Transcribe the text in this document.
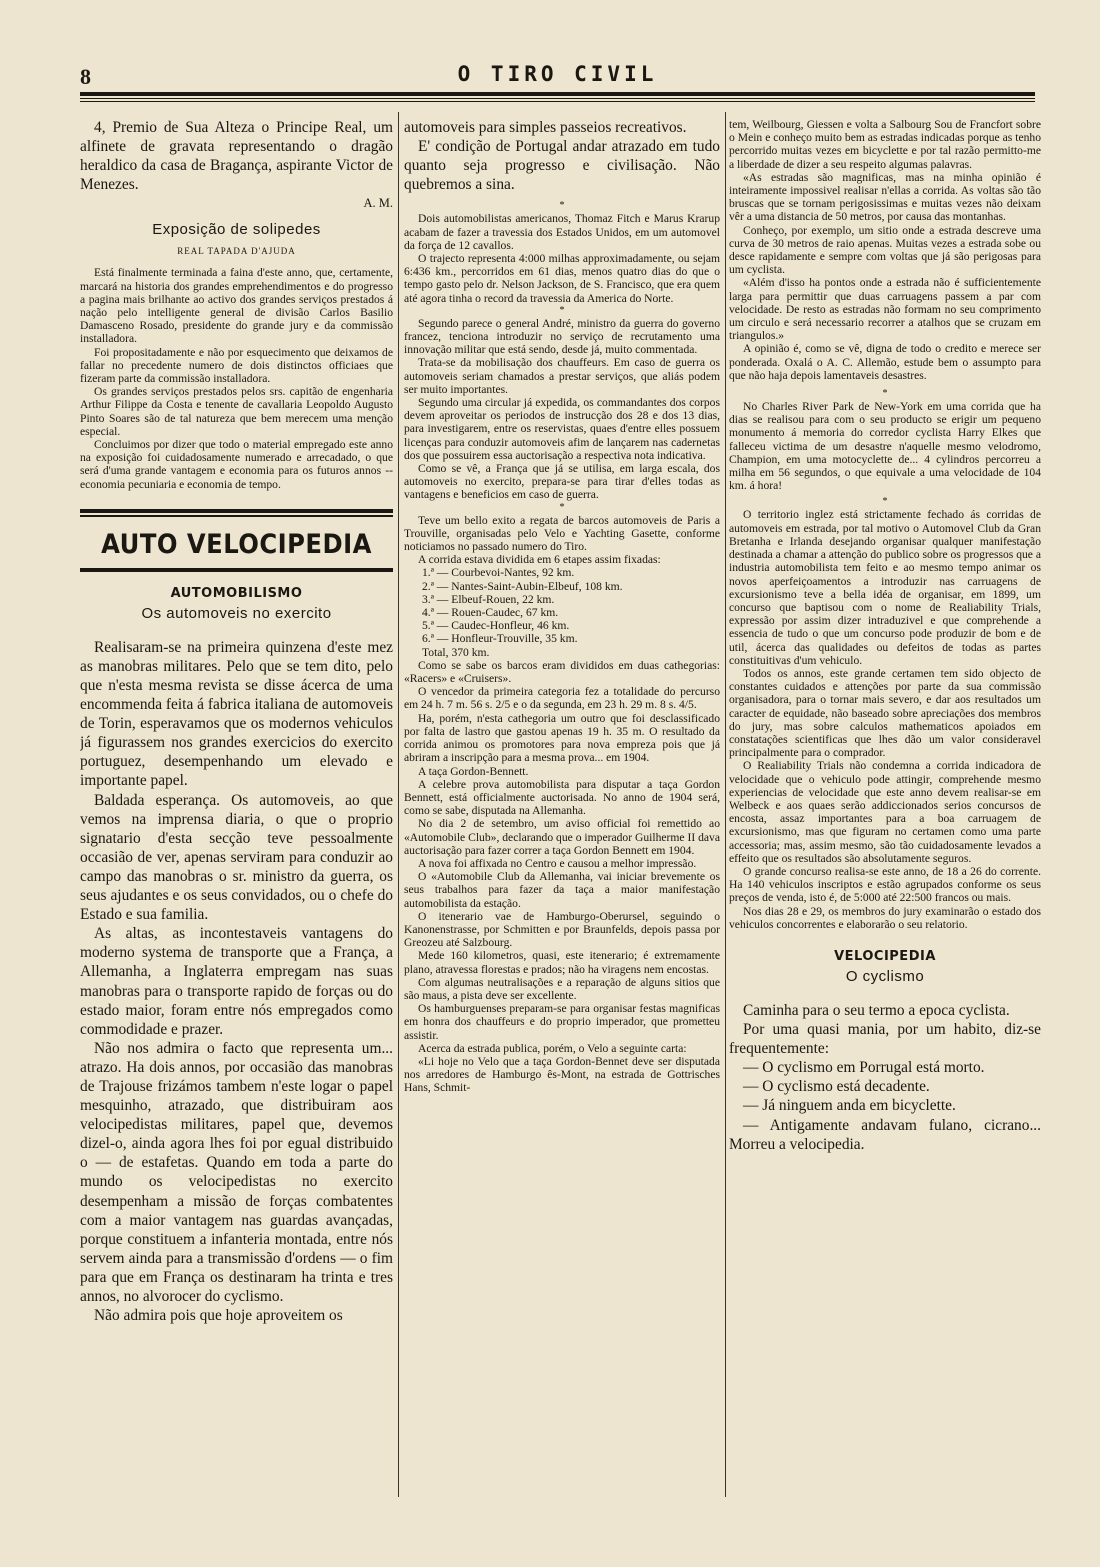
8	O TIRO CIVIL

4, Premio de Sua Alteza o Principe Real, um alfinete de gravata representando o dragão heraldico da casa de Bragança, aspirante Victor de Menezes.

A. M.
Exposição de solipedes
REAL TAPADA D'AJUDA

Está finalmente terminada a faina d'este anno, que, certamente, marcará na historia dos grandes emprehendimentos e do progresso a pagina mais brilhante ao activo dos grandes serviços prestados á nação pelo intelligente general de divisão Carlos Basilio Damasceno Rosado, presidente do grande jury e da commissão installadora.

Foi propositadamente e não por esquecimento que deixamos de fallar no precedente numero de dois distinctos officiaes que fizeram parte da commissão installadora.

Os grandes serviços prestados pelos srs. capitão de engenharia Arthur Filippe da Costa e tenente de cavallaria Leopoldo Augusto Pinto Soares são de tal natureza que bem merecem uma menção especial.

Concluimos por dizer que todo o material empregado este anno na exposição foi cuidadosamente numerado e arrecadado, o que será d'uma grande vantagem e economia para os futuros annos -- economia pecuniaria e economia de tempo.

AUTO VELOCIPEDIA
AUTOMOBILISMO
Os automoveis no exercito

Realisaram-se na primeira quinzena d'este mez as manobras militares. Pelo que se tem dito, pelo que n'esta mesma revista se disse ácerca de uma encommenda feita á fabrica italiana de automoveis de Torin, esperavamos que os modernos vehiculos já figurassem nos grandes exercicios do exercito portuguez, desempenhando um elevado e importante papel.

Baldada esperança. Os automoveis, ao que vemos na imprensa diaria, o que o proprio signatario d'esta secção teve pessoalmente occasião de ver, apenas serviram para conduzir ao campo das manobras o sr. ministro da guerra, os seus ajudantes e os seus convidados, ou o chefe do Estado e sua familia.

As altas, as incontestaveis vantagens do moderno systema de transporte que a França, a Allemanha, a Inglaterra empregam nas suas manobras para o transporte rapido de forças ou do estado maior, foram entre nós empregados como commodidade e prazer.

Não nos admira o facto que representa um... atrazo. Ha dois annos, por occasião das manobras de Trajouse frizámos tambem n'este logar o papel mesquinho, atrazado, que distribuiram aos velocipedistas militares, papel que, devemos dizel-o, ainda agora lhes foi por egual distribuido o — de estafetas. Quando em toda a parte do mundo os velocipedistas no exercito desempenham a missão de forças combatentes com a maior vantagem nas guardas avançadas, porque constituem a infanteria montada, entre nós servem ainda para a transmissão d'ordens — o fim para que em França os destinaram ha trinta e tres annos, no alvorocer do cyclismo.

Não admira pois que hoje aproveitem os

automoveis para simples passeios recreativos.

E' condição de Portugal andar atrazado em tudo quanto seja progresso e civilisação. Não quebremos a sina.

*

Dois automobilistas americanos, Thomaz Fitch e Marus Krarup acabam de fazer a travessia dos Estados Unidos, em um automovel da força de 12 cavallos.

O trajecto representa 4:000 milhas approximadamente, ou sejam 6:436 km., percorridos em 61 dias, menos quatro dias do que o tempo gasto pelo dr. Nelson Jackson, de S. Francisco, que era quem até agora tinha o record da travessia da America do Norte.

*

Segundo parece o general André, ministro da guerra do governo francez, tenciona introduzir no serviço de recrutamento uma innovação militar que está sendo, desde já, muito commentada.

Trata-se da mobilisação dos chauffeurs. Em caso de guerra os automoveis seriam chamados a prestar serviços, que aliás podem ser muito importantes.

Segundo uma circular já expedida, os commandantes dos corpos devem aproveitar os periodos de instrucção dos 28 e dos 13 dias, para investigarem, entre os reservistas, quaes d'entre elles possuem licenças para conduzir automoveis afim de lançarem nas cadernetas dos que possuirem essa auctorisação a respectiva nota indicativa.

Como se vê, a França que já se utilisa, em larga escala, dos automoveis no exercito, prepara-se para tirar d'elles todas as vantagens e beneficios em caso de guerra.

*

Teve um bello exito a regata de barcos automoveis de Paris a Trouville, organisadas pelo Velo e Yachting Gasette, conforme noticiamos no passado numero do Tiro.

A corrida estava dividida em 6 etapes assim fixadas:

1.ª — Courbevoi-Nantes, 92 km.
2.ª — Nantes-Saint-Aubin-Elbeuf, 108 km.
3.ª — Elbeuf-Rouen, 22 km.
4.ª — Rouen-Caudec, 67 km.
5.ª — Caudec-Honfleur, 46 km.
6.ª — Honfleur-Trouville, 35 km.
Total, 370 km.

Como se sabe os barcos eram divididos em duas cathegorias: «Racers» e «Cruisers».

O vencedor da primeira categoria fez a totalidade do percurso em 24 h. 7 m. 56 s. 2/5 e o da segunda, em 23 h. 29 m. 8 s. 4/5.

Ha, porém, n'esta cathegoria um outro que foi desclassificado por falta de lastro que gastou apenas 19 h. 35 m. O resultado da corrida animou os promotores para nova empreza pois que já abriram a inscripção para a mesma prova... em 1904.

A taça Gordon-Bennett.

A celebre prova automobilista para disputar a taça Gordon Bennett, está officialmente auctorisada. No anno de 1904 será, como se sabe, disputada na Allemanha.

No dia 2 de setembro, um aviso official foi remettido ao «Automobile Club», declarando que o imperador Guilherme II dava auctorisação para fazer correr a taça Gordon Bennett em 1904.

A nova foi affixada no Centro e causou a melhor impressão.

O «Automobile Club da Allemanha, vai iniciar brevemente os seus trabalhos para fazer da taça a maior manifestação automobilista da estação.

O itenerario vae de Hamburgo-Oberursel, seguindo o Kanonenstrasse, por Schmitten e por Braunfelds, depois passa por Greozeu até Salzbourg.

Mede 160 kilometros, quasi, este itenerario; é extremamente plano, atravessa florestas e prados; não ha viragens nem encostas.

Com algumas neutralisações e a reparação de alguns sitios que são maus, a pista deve ser excellente.

Os hamburguenses preparam-se para organisar festas magnificas em honra dos chauffeurs e do proprio imperador, que prometteu assistir.

Acerca da estrada publica, porém, o Velo a seguinte carta:

«Li hoje no Velo que a taça Gordon-Bennet deve ser disputada nos arredores de Hamburgo ês-Mont, na estrada de Gottrisches Hans, Schmit-

tem, Weilbourg, Giessen e volta a Salbourg Sou de Francfort sobre o Mein e conheço muito bem as estradas indicadas porque as tenho percorrido muitas vezes em bicyclette e por tal razão permitto-me a liberdade de dizer a seu respeito algumas palavras.

«As estradas são magnificas, mas na minha opinião é inteiramente impossivel realisar n'ellas a corrida. As voltas são tão bruscas que se tornam perigosissimas e muitas vezes não deixam vêr a uma distancia de 50 metros, por causa das montanhas.

Conheço, por exemplo, um sitio onde a estrada descreve uma curva de 30 metros de raio apenas. Muitas vezes a estrada sobe ou desce rapidamente e sempre com voltas que já são perigosas para um cyclista.

«Além d'isso ha pontos onde a estrada não é sufficientemente larga para permittir que duas carruagens passem a par com velocidade. De resto as estradas não formam no seu comprimento um circulo e será necessario recorrer a atalhos que se cruzam em triangulos.»

A opinião é, como se vê, digna de todo o credito e merece ser ponderada. Oxalá o A. C. Allemão, estude bem o assumpto para que não haja depois lamentaveis desastres.

*

No Charles River Park de New-York em uma corrida que ha dias se realisou para com o seu producto se erigir um pequeno monumento á memoria do corredor cyclista Harry Elkes que falleceu victima de um desastre n'aquelle mesmo velodromo, Champion, em uma motocyclette de... 4 cylindros percorreu a milha em 56 segundos, o que equivale a uma velocidade de 104 km. á hora!

*

O territorio inglez está strictamente fechado ás corridas de automoveis em estrada, por tal motivo o Automovel Club da Gran Bretanha e Irlanda desejando organisar qualquer manifestação destinada a chamar a attenção do publico sobre os progressos que a industria automobilista tem feito e ao mesmo tempo animar os novos aperfeiçoamentos a introduzir nas carruagens de excursionismo teve a bella idéa de organisar, em 1899, um concurso que baptisou com o nome de Realiability Trials, expressão por assim dizer intraduzivel e que comprehende a essencia de tudo o que um concurso pode produzir de bom e de util, ácerca das qualidades ou defeitos de todas as partes constituitivas d'um vehiculo.

Todos os annos, este grande certamen tem sido objecto de constantes cuidados e attenções por parte da sua commissão organisadora, para o tornar mais severo, e dar aos resultados um caracter de equidade, não baseado sobre apreciações dos membros do jury, mas sobre calculos mathematicos apoiados em constatações scientificas que lhes dão um valor consideravel principalmente para o comprador.

O Realiability Trials não condemna a corrida indicadora de velocidade que o vehiculo pode attingir, comprehende mesmo experiencias de velocidade que este anno devem realisar-se em Welbeck e aos quaes serão addiccionados serios concursos de encosta, assaz importantes para a boa carruagem de excursionismo, mas que figuram no certamen como uma parte accessoria; mas, assim mesmo, são tão cuidadosamente levados a effeito que os resultados são absolutamente seguros.

O grande concurso realisa-se este anno, de 18 a 26 do corrente. Ha 140 vehiculos inscriptos e estão agrupados conforme os seus preços de venda, isto é, de 5:000 até 22:500 francos ou mais.

Nos dias 28 e 29, os membros do jury examinarão o estado dos vehiculos concorrentes e elaborarão o seu relatorio.

VELOCIPEDIA
O cyclismo

Caminha para o seu termo a epoca cyclista.

Por uma quasi mania, por um habito, diz-se frequentemente:

— O cyclismo em Porrugal está morto.

— O cyclismo está decadente.

— Já ninguem anda em bicyclette.

— Antigamente andavam fulano, cicrano... Morreu a velocipedia.
